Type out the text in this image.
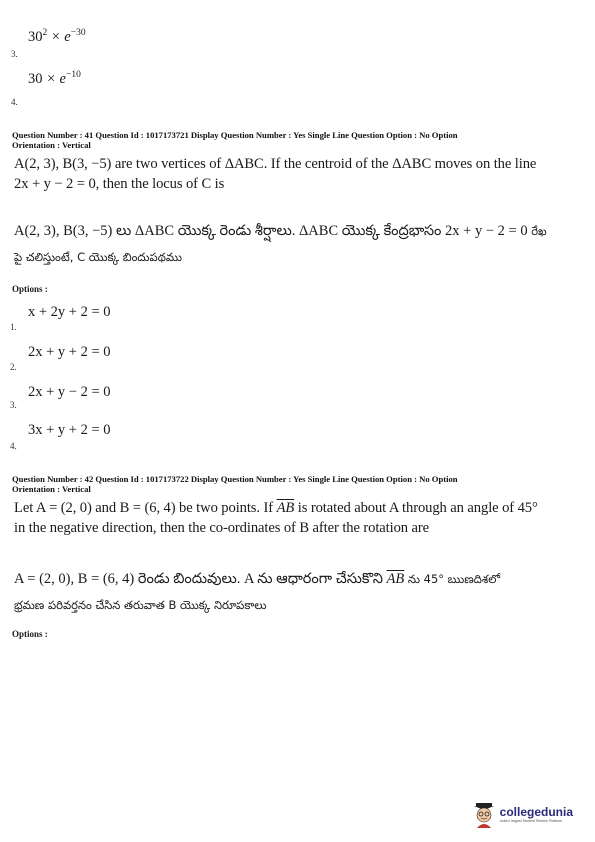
$30^2 \times e^{-30}$
3.
$30 \times e^{-10}$
4.
Question Number : 41 Question Id : 1017173721 Display Question Number : Yes Single Line Question Option : No Option
Orientation : Vertical
A(2, 3), B(3, −5) are two vertices of ΔABC. If the centroid of the ΔABC moves on the line
2x + y − 2 = 0, then the locus of C is
A(2, 3), B(3, −5) లు ΔABC యొక్క రెండు శీర్షాలు. ΔABC యొక్క కేంద్రభాసం 2x + y − 2 = 0 రేఖ
పై చలిస్తుంటే, C యొక్క బిందుపథము
Options :
x + 2y + 2 = 0
1.
2x + y + 2 = 0
2.
2x + y − 2 = 0
3.
3x + y + 2 = 0
4.
Question Number : 42 Question Id : 1017173722 Display Question Number : Yes Single Line Question Option : No Option
Orientation : Vertical
Let A = (2, 0) and B = (6, 4) be two points. If $\overline{AB}$ is rotated about A through an angle of 45°
in the negative direction, then the co-ordinates of B after the rotation are
A = (2, 0), B = (6, 4) రెండు బిందువులు. A ను ఆధారంగా చేసుకొని $\overline{AB}$ ను 45° ఋణదిశలో
భ్రమణ పరివర్తనం చేసిన తరువాత B యొక్క నిరూపకాలు
Options :
collegedunia
India's largest Student Review Platform
